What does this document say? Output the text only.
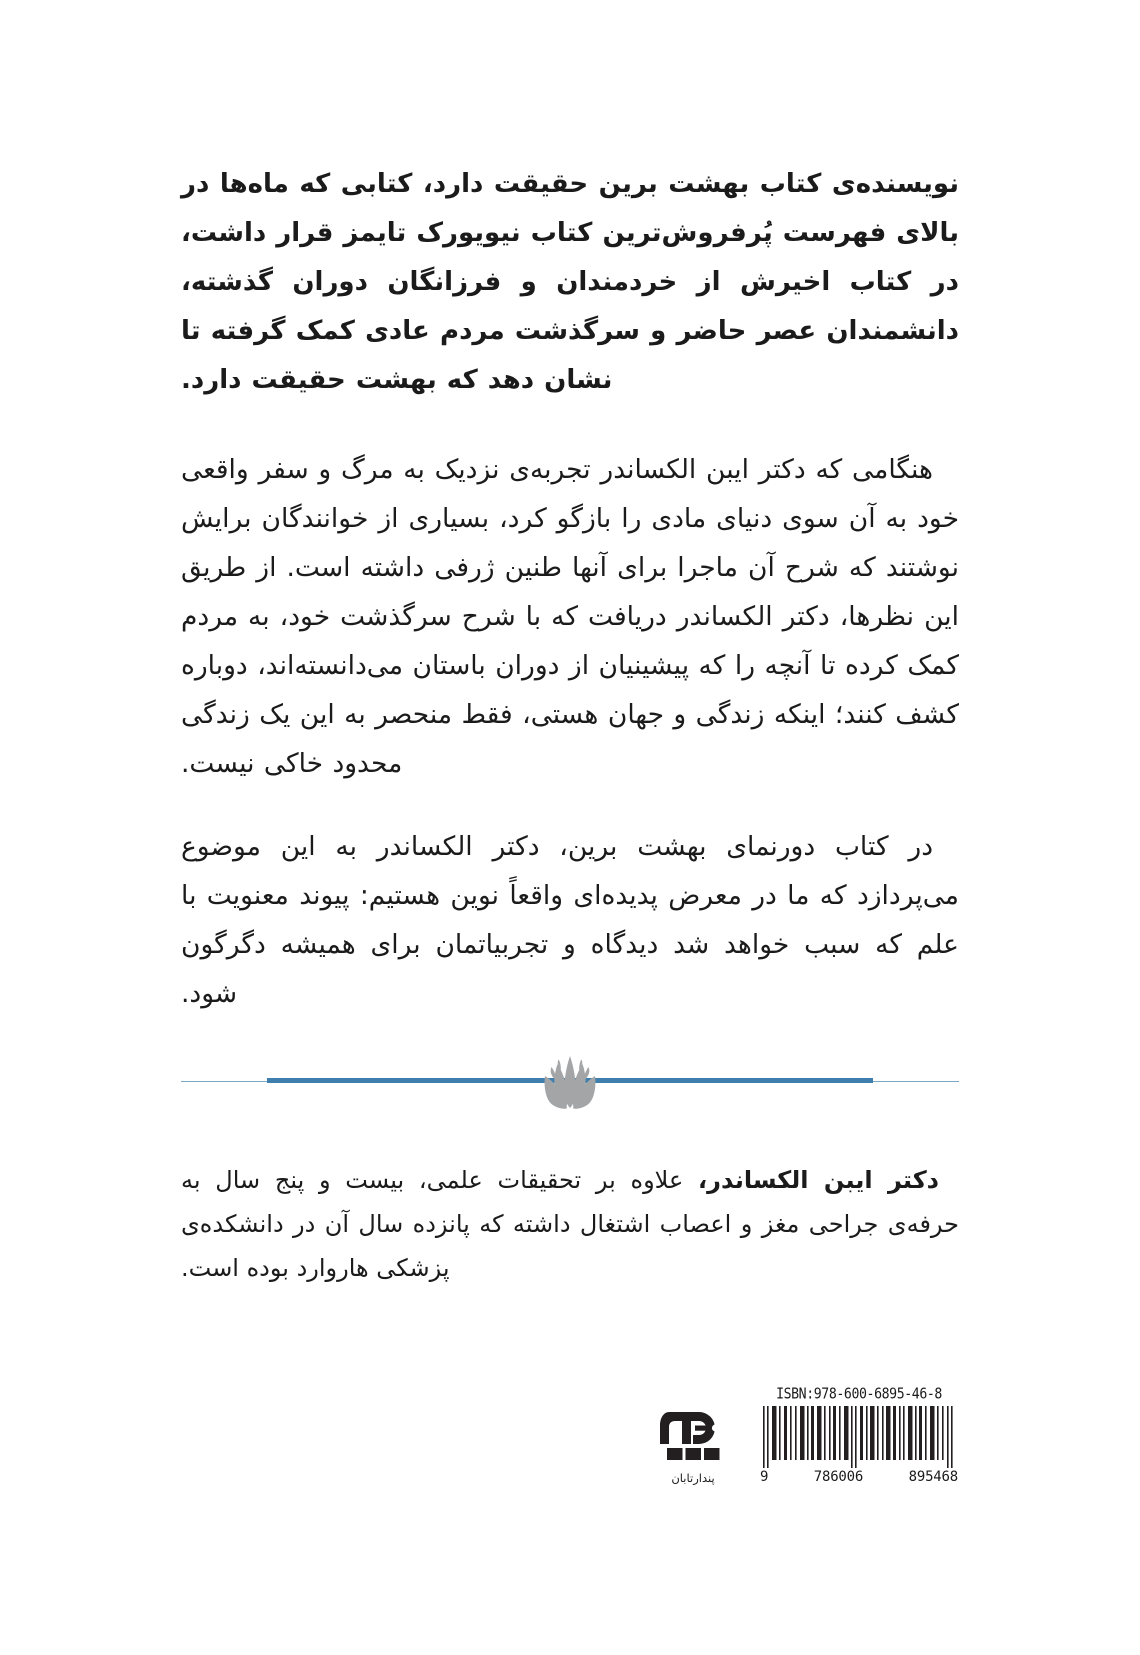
نویسنده‌ی کتاب بهشت برین حقیقت دارد، کتابی که ماه‌ها در بالای فهرست پُرفروش‌ترین کتاب نیویورک تایمز قرار داشت، در کتاب اخیرش از خردمندان و فرزانگان دوران گذشته، دانشمندان عصر حاضر و سرگذشت مردم عادی کمک گرفته تا نشان دهد که بهشت حقیقت دارد.

هنگامی که دکتر ایبن الکساندر تجربه‌ی نزدیک به مرگ و سفر واقعی خود به آن سوی دنیای مادی را بازگو کرد، بسیاری از خوانندگان برایش نوشتند که شرح آن ماجرا برای آنها طنین ژرفی داشته است. از طریق این نظرها، دکتر الکساندر دریافت که با شرح سرگذشت خود، به مردم کمک کرده تا آنچه را که پیشینیان از دوران باستان می‌دانسته‌اند، دوباره کشف کنند؛ اینکه زندگی و جهان هستی، فقط منحصر به این یک زندگی محدود خاکی نیست.

در کتاب دورنمای بهشت برین، دکتر الکساندر به این موضوع می‌پردازد که ما در معرض پدیده‌ای واقعاً نوین هستیم: پیوند معنویت با علم که سبب خواهد شد دیدگاه و تجربیاتمان برای همیشه دگرگون شود.

دکتر ایبن الکساندر، علاوه بر تحقیقات علمی، بیست و پنج سال به حرفه‌ی جراحی مغز و اعصاب اشتغال داشته که پانزده سال آن در دانشکده‌ی پزشکی هاروارد بوده است.

پندارتابان
ISBN:978-600-6895-46-8
9	786006	895468
